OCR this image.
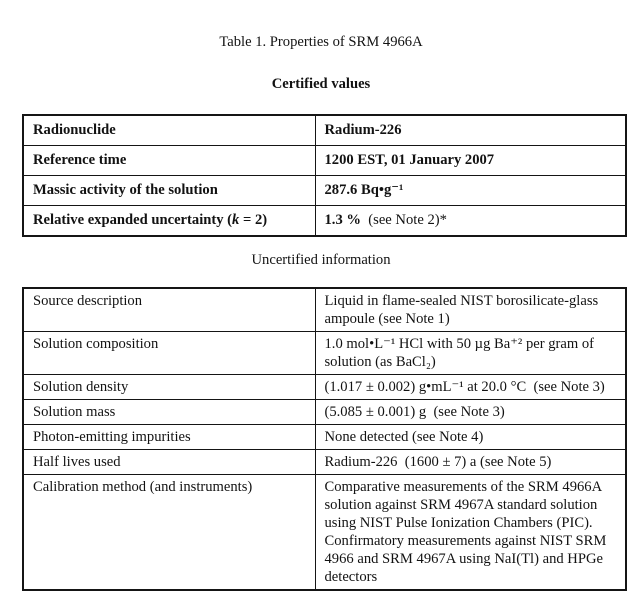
Table 1. Properties of SRM 4966A
Certified values
Radionuclide	Radium-226
Reference time	1200 EST, 01 January 2007
Massic activity of the solution	287.6 Bq•g⁻¹
Relative expanded uncertainty (k = 2)	1.3 %  (see Note 2)*
Uncertified information
Source description	Liquid in flame-sealed NIST borosilicate-glass ampoule (see Note 1)
Solution composition	1.0 mol•L⁻¹ HCl with 50 µg Ba⁺² per gram of solution (as BaCl₂)
Solution density	(1.017 ± 0.002) g•mL⁻¹ at 20.0 °C  (see Note 3)
Solution mass	(5.085 ± 0.001) g  (see Note 3)
Photon-emitting impurities	None detected (see Note 4)
Half lives used	Radium-226  (1600 ± 7) a (see Note 5)
Calibration method (and instruments)	Comparative measurements of the SRM 4966A solution against SRM 4967A standard solution using NIST Pulse Ionization Chambers (PIC).  Confirmatory measurements against NIST SRM 4966 and SRM 4967A using NaI(Tl) and HPGe detectors
